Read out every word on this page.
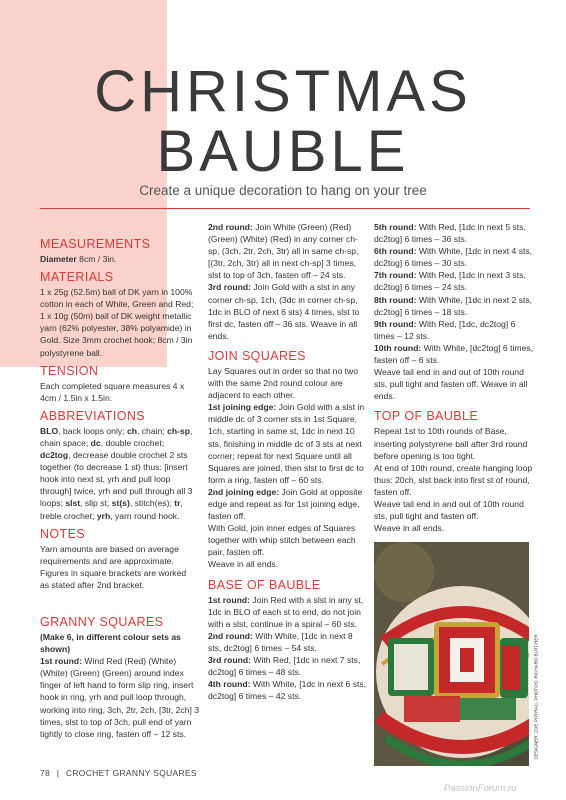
CHRISTMAS
BAUBLE
Create a unique decoration to hang on your tree
MEASUREMENTS

Diameter 8cm / 3in.

MATERIALS

1 x 25g (52.5m) ball of DK yarn in 100% cotton in each of White, Green and Red; 1 x 10g (50m) ball of DK weight metallic yarn (62% polyester, 38% polyamide) in Gold. Size 3mm crochet hook; 8cm / 3in polystyrene ball.

TENSION

Each completed square measures 4 x 4cm / 1.5in x 1.5in.

ABBREVIATIONS

BLO, back loops only; ch, chain; ch-sp, chain space; dc, double crochet; dc2tog, decrease double crochet 2 sts together (to decrease 1 st) thus: [insert hook into next st, yrh and pull loop through] twice, yrh and pull through all 3 loops; slst, slip st; st(s), stitch(es); tr, treble crochet; yrh, yarn round hook.

NOTES

Yarn amounts are based on average requirements and are approximate. Figures in square brackets are worked as stated after 2nd bracket.

GRANNY SQUARES

(Make 6, in different colour sets as shown)

1st round: Wind Red (Red) (White) (White) (Green) (Green) around index finger of left hand to form slip ring, insert hook in ring, yrh and pull loop through, working into ring, 3ch, 2tr, 2ch, [3tr, 2ch] 3 times, slst to top of 3ch, pull end of yarn tightly to close ring, fasten off – 12 sts.

2nd round: Join White (Green) (Red) (Green) (White) (Red) in any corner ch-sp, (3ch, 2tr, 2ch, 3tr) all in same ch-sp, [(3tr, 2ch, 3tr) all in next ch-sp] 3 times, slst to top of 3ch, fasten off – 24 sts.

3rd round: Join Gold with a slst in any corner ch-sp, 1ch, (3dc in corner ch-sp, 1dc in BLO of next 6 sts) 4 times, slst to first dc, fasten off – 36 sts. Weave in all ends.

JOIN SQUARES

Lay Squares out in order so that no two with the same 2nd round colour are adjacent to each other.

1st joining edge: Join Gold with a slst in middle dc of 3 corner sts in 1st Square, 1ch, starting in same st, 1dc in next 10 sts, finishing in middle dc of 3 sts at next corner; repeat for next Square until all Squares are joined, then slst to first dc to form a ring, fasten off – 60 sts.

2nd joining edge: Join Gold at opposite edge and repeat as for 1st joining edge, fasten off.

With Gold, join inner edges of Squares together with whip stitch between each pair, fasten off.

Weave in all ends.

BASE OF BAUBLE

1st round: Join Red with a slst in any st, 1dc in BLO of each st to end, do not join with a slst, continue in a spiral – 60 sts.

2nd round: With White, [1dc in next 8 sts, dc2tog] 6 times – 54 sts.

3rd round: With Red, [1dc in next 7 sts, dc2tog] 6 times – 48 sts.

4th round: With White, [1dc in next 6 sts, dc2tog] 6 times – 42 sts.

5th round: With Red, [1dc in next 5 sts, dc2tog] 6 times – 36 sts.

6th round: With White, [1dc in next 4 sts, dc2tog] 6 times – 30 sts.

7th round: With Red, [1dc in next 3 sts, dc2tog] 6 times – 24 sts.

8th round: With White, [1dc in next 2 sts, dc2tog] 6 times – 18 sts.

9th round: With Red, [1dc, dc2tog] 6 times – 12 sts.

10th round: With White, [dc2tog] 6 times, fasten off – 6 sts.

Weave tail end in and out of 10th round sts, pull tight and fasten off. Weave in all ends.

TOP OF BAUBLE

Repeat 1st to 10th rounds of Base, inserting polystyrene ball after 3rd round before opening is too tight.

At end of 10th round, create hanging loop thus: 20ch, slst back into first st of round, fasten off.

Weave tail end in and out of 10th round sts, pull tight and fasten off.

Weave in all ends.

DESIGNER: ZOE POTRAC, PHOTOS: RICHARD BUTCHER
78 | CROCHET GRANNY SQUARES
PassionForum.ru
